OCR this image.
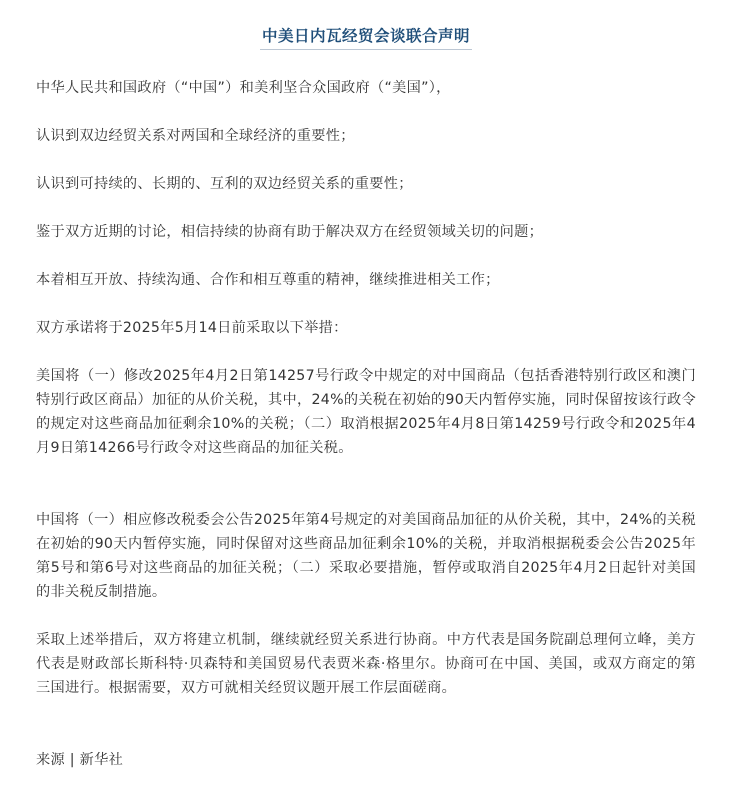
中美日内瓦经贸会谈联合声明

中华人民共和国政府（“中国”）和美利坚合众国政府（“美国”），

认识到双边经贸关系对两国和全球经济的重要性；

认识到可持续的、长期的、互利的双边经贸关系的重要性；

鉴于双方近期的讨论，相信持续的协商有助于解决双方在经贸领域关切的问题；

本着相互开放、持续沟通、合作和相互尊重的精神，继续推进相关工作；

双方承诺将于2025年5月14日前采取以下举措：

美国将（一）修改2025年4月2日第14257号行政令中规定的对中国商品（包括香港特别行政区和澳门特别行政区商品）加征的从价关税，其中，24%的关税在初始的90天内暂停实施，同时保留按该行政令的规定对这些商品加征剩余10%的关税；（二）取消根据2025年4月8日第14259号行政令和2025年4月9日第14266号行政令对这些商品的加征关税。

中国将（一）相应修改税委会公告2025年第4号规定的对美国商品加征的从价关税，其中，24%的关税在初始的90天内暂停实施，同时保留对这些商品加征剩余10%的关税，并取消根据税委会公告2025年第5号和第6号对这些商品的加征关税；（二）采取必要措施，暂停或取消自2025年4月2日起针对美国的非关税反制措施。

采取上述举措后，双方将建立机制，继续就经贸关系进行协商。中方代表是国务院副总理何立峰，美方代表是财政部长斯科特·贝森特和美国贸易代表贾米森·格里尔。协商可在中国、美国，或双方商定的第三国进行。根据需要，双方可就相关经贸议题开展工作层面磋商。

来源 | 新华社
